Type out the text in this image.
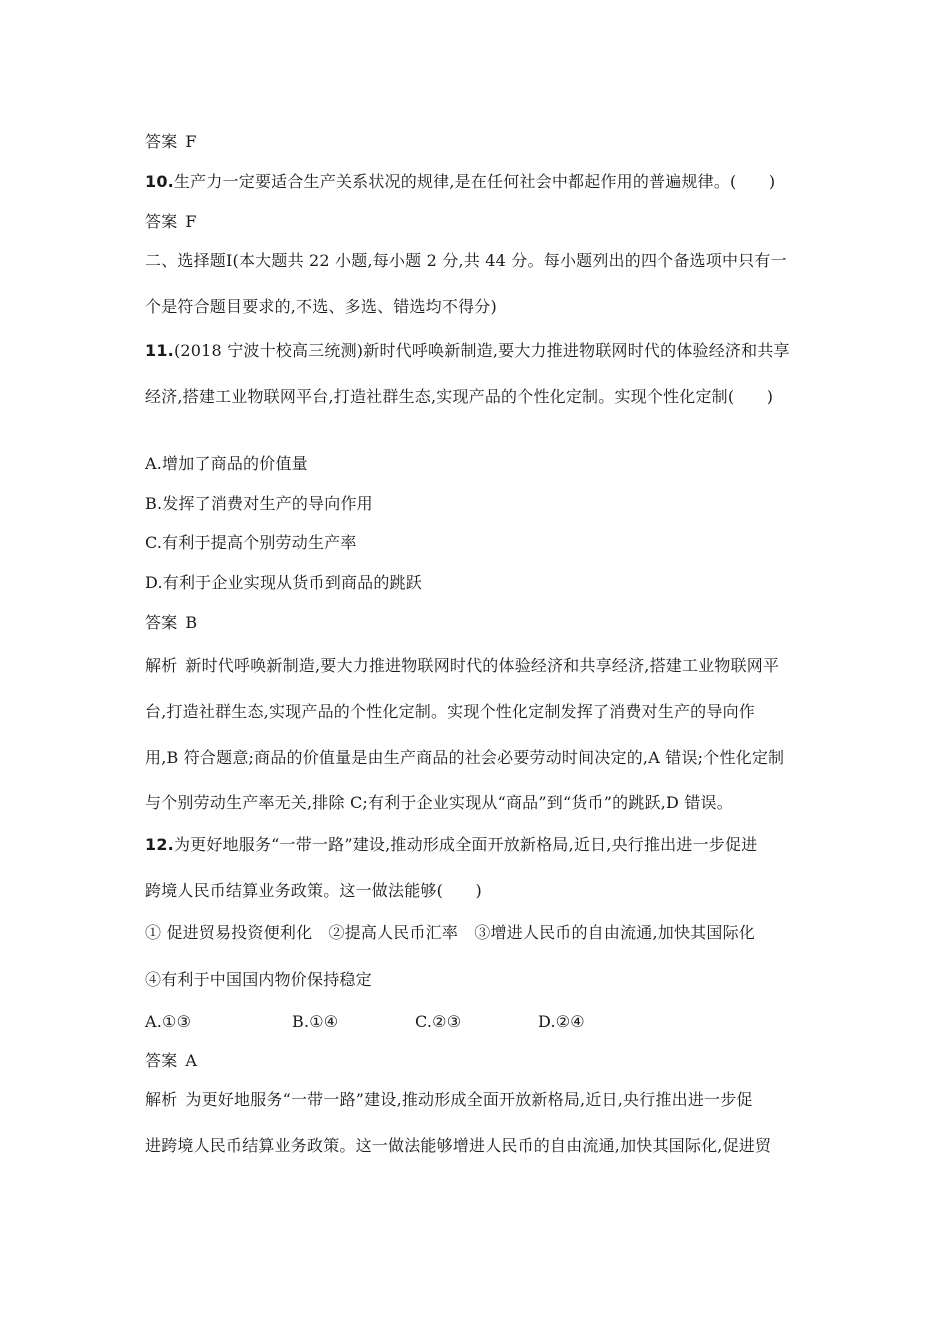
答案 F
10.生产力一定要适合生产关系状况的规律,是在任何社会中都起作用的普遍规律。(　　)
答案 F
二、选择题Ⅰ(本大题共 22 小题,每小题 2 分,共 44 分。每小题列出的四个备选项中只有一
个是符合题目要求的,不选、多选、错选均不得分)
11.(2018 宁波十校高三统测)新时代呼唤新制造,要大力推进物联网时代的体验经济和共享
经济,搭建工业物联网平台,打造社群生态,实现产品的个性化定制。实现个性化定制(　　)
A.增加了商品的价值量
B.发挥了消费对生产的导向作用
C.有利于提高个别劳动生产率
D.有利于企业实现从货币到商品的跳跃
答案 B
解析 新时代呼唤新制造,要大力推进物联网时代的体验经济和共享经济,搭建工业物联网平
台,打造社群生态,实现产品的个性化定制。实现个性化定制发挥了消费对生产的导向作
用,B 符合题意;商品的价值量是由生产商品的社会必要劳动时间决定的,A 错误;个性化定制
与个别劳动生产率无关,排除 C;有利于企业实现从“商品”到“货币”的跳跃,D 错误。
12.为更好地服务“一带一路”建设,推动形成全面开放新格局,近日,央行推出进一步促进
跨境人民币结算业务政策。这一做法能够(　　)
① 促进贸易投资便利化　②提高人民币汇率　③增进人民币的自由流通,加快其国际化
④有利于中国国内物价保持稳定
A.①③	B.①④	C.②③	D.②④
答案 A
解析 为更好地服务“一带一路”建设,推动形成全面开放新格局,近日,央行推出进一步促
进跨境人民币结算业务政策。这一做法能够增进人民币的自由流通,加快其国际化,促进贸
